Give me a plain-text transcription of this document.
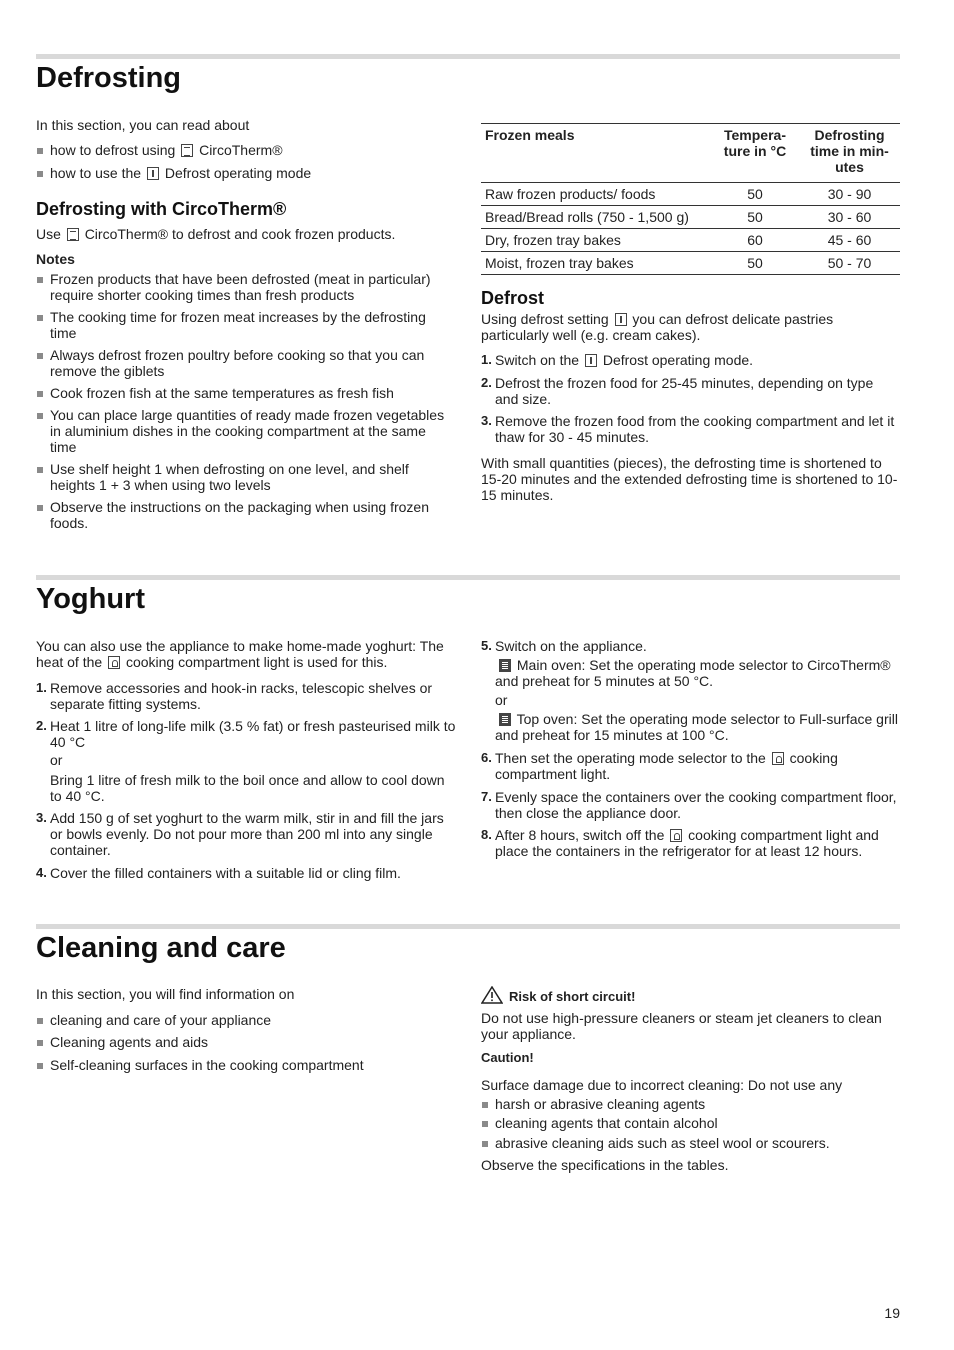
Defrosting

In this section, you can read about

how to defrost using CircoTherm®
how to use the Defrost operating mode
Defrosting with CircoTherm®

Use CircoTherm® to defrost and cook frozen products.

Notes

Frozen products that have been defrosted (meat in particular) require shorter cooking times than fresh products
The cooking time for frozen meat increases by the defrosting time
Always defrost frozen poultry before cooking so that you can remove the giblets
Cook frozen fish at the same temperatures as fresh fish
You can place large quantities of ready made frozen vegetables in aluminium dishes in the cooking compartment at the same time
Use shelf height 1 when defrosting on one level, and shelf heights 1 + 3 when using two levels
Observe the instructions on the packaging when using frozen foods.
Frozen meals	Tempera- ture in °C	Defrosting time in min- utes
Raw frozen products/ foods	50	30 - 90
Bread/Bread rolls (750 - 1,500 g)	50	30 - 60
Dry, frozen tray bakes	60	45 - 60
Moist, frozen tray bakes	50	50 - 70
Defrost

Using defrost setting you can defrost delicate pastries particularly well (e.g. cream cakes).

1. Switch on the Defrost operating mode.
2. Defrost the frozen food for 25-45 minutes, depending on type and size.
3. Remove the frozen food from the cooking compartment and let it thaw for 30 - 45 minutes.

With small quantities (pieces), the defrosting time is shortened to 15-20 minutes and the extended defrosting time is shortened to 10-15 minutes.

Yoghurt

You can also use the appliance to make home-made yoghurt: The heat of the cooking compartment light is used for this.

1. Remove accessories and hook-in racks, telescopic shelves or separate fitting systems.
2. Heat 1 litre of long-life milk (3.5 % fat) or fresh pasteurised milk to 40 °C
or
Bring 1 litre of fresh milk to the boil once and allow to cool down to 40 °C.
3. Add 150 g of set yoghurt to the warm milk, stir in and fill the jars or bowls evenly. Do not pour more than 200 ml into any single container.
4. Cover the filled containers with a suitable lid or cling film.
5. Switch on the appliance.
Main oven: Set the operating mode selector to CircoTherm® and preheat for 5 minutes at 50 °C.
or
Top oven: Set the operating mode selector to Full-surface grill and preheat for 15 minutes at 100 °C.
6. Then set the operating mode selector to the cooking compartment light.
7. Evenly space the containers over the cooking compartment floor, then close the appliance door.
8. After 8 hours, switch off the cooking compartment light and place the containers in the refrigerator for at least 12 hours.
Cleaning and care

In this section, you will find information on

cleaning and care of your appliance
Cleaning agents and aids
Self-cleaning surfaces in the cooking compartment

Risk of short circuit!

Do not use high-pressure cleaners or steam jet cleaners to clean your appliance.

Caution!

Surface damage due to incorrect cleaning: Do not use any

harsh or abrasive cleaning agents
cleaning agents that contain alcohol
abrasive cleaning aids such as steel wool or scourers.

Observe the specifications in the tables.

19
